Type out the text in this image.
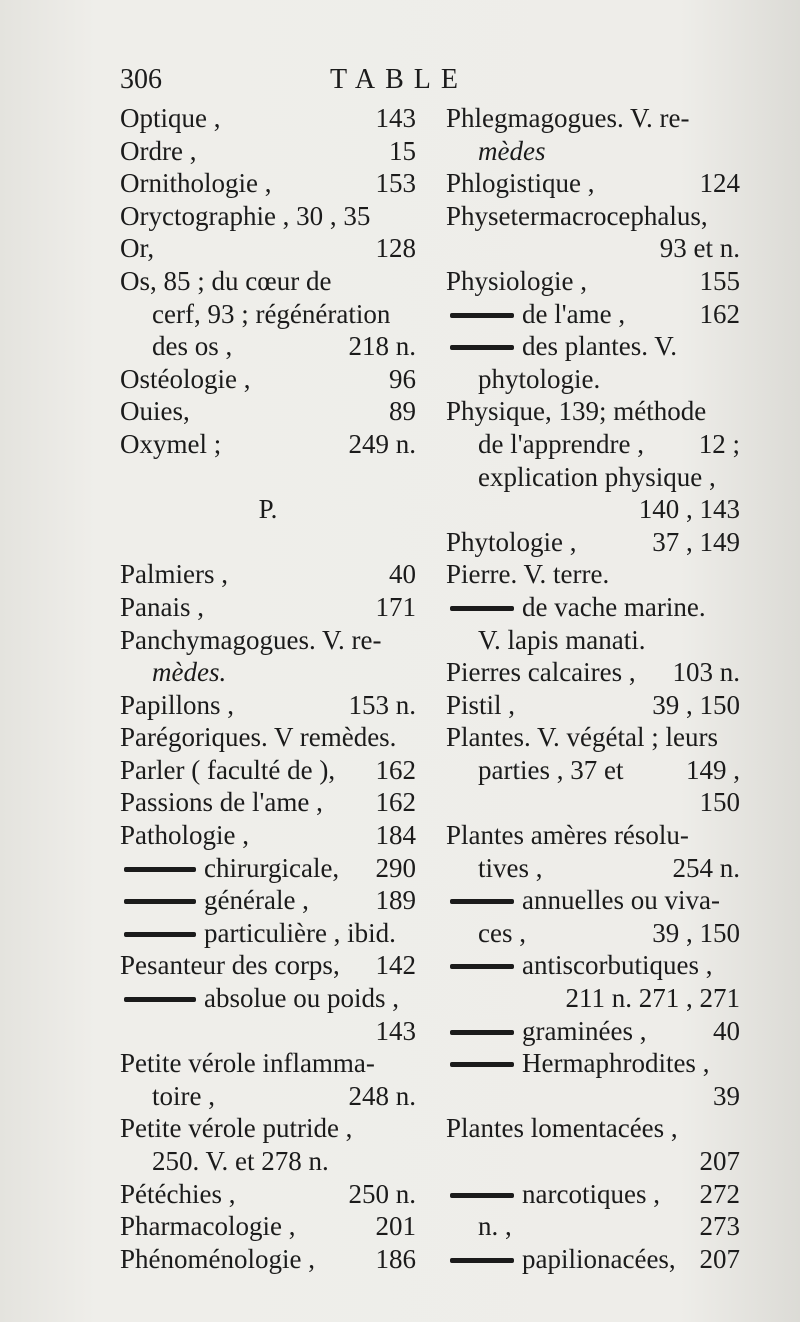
306	TABLE
Optique ,	143
Ordre ,	15
Ornithologie ,	153
Oryctographie , 30 , 35
Or,	128
Os, 85 ; du cœur de
cerf, 93 ; régénération
des os ,	218 n.
Ostéologie ,	96
Ouies,	89
Oxymel ;	249 n.
P.
Palmiers ,	40
Panais ,	171
Panchymagogues. V. re-
mèdes.
Papillons ,	153 n.
Parégoriques. V remèdes.
Parler ( faculté de ), 162
Passions de l'ame , 162
Pathologie ,	184
chirurgicale, 290
générale , 189
particulière , ibid.
Pesanteur des corps, 142
absolue ou poids ,
143
Petite vérole inflamma-
toire ,	248 n.
Petite vérole putride ,
250. V. et 278 n.
Pétéchies ,	250 n.
Pharmacologie ,	201
Phénoménologie , 186
Phlegmagogues. V. re-
mèdes
Phlogistique ,	124
Physetermacrocephalus,
93 et n.
Physiologie ,	155
de l'ame ,	162
des plantes. V.
phytologie.
Physique, 139; méthode
de l'apprendre , 12 ;
explication physique ,
140 , 143
Phytologie ,	37 , 149
Pierre. V. terre.
de vache marine.
V. lapis manati.
Pierres calcaires , 103 n.
Pistil ,	39 , 150
Plantes. V. végétal ; leurs
parties , 37 et 149 ,
150
Plantes amères résolu-
tives ,	254 n.
annuelles ou viva-
ces ,	39 , 150
antiscorbutiques ,
211 n. 271 , 271
graminées , 40
Hermaphrodites ,
39
Plantes lomentacées ,
207
narcotiques , 272
n. ,	273
papilionacées, 207
